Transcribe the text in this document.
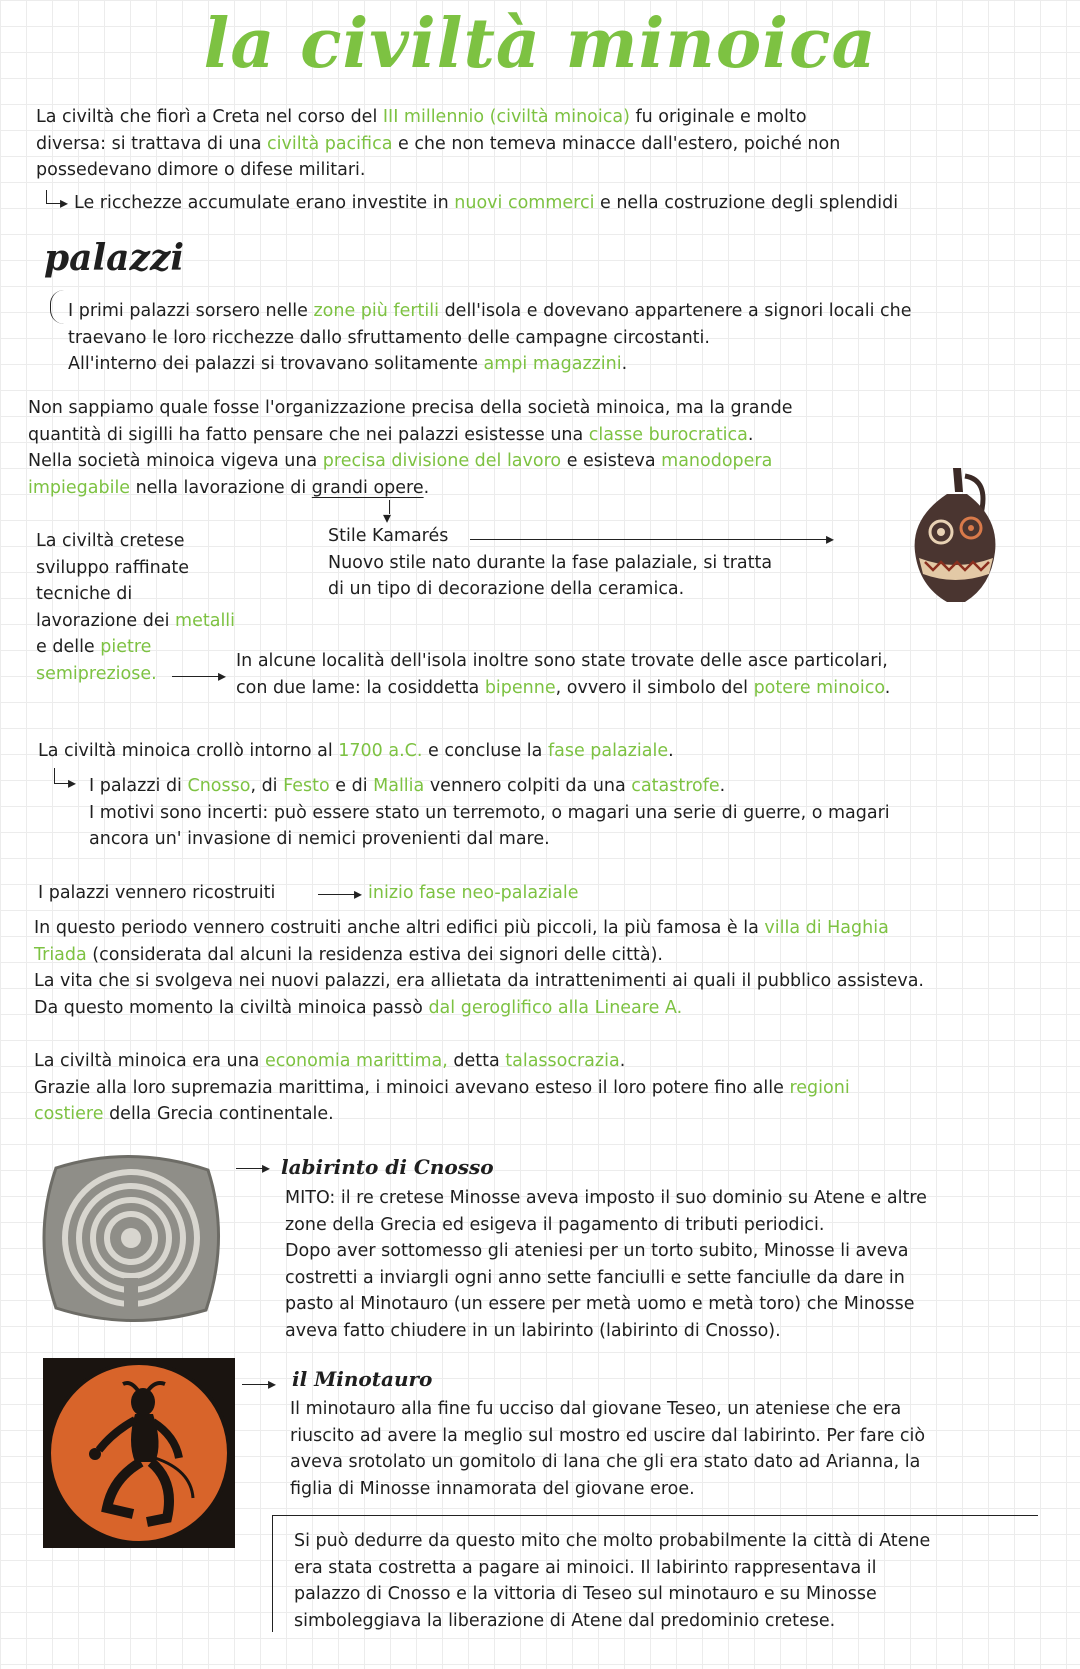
la civiltà minoica

La civiltà che fiorì a Creta nel corso del III millennio (civiltà minoica) fu originale e molto

diversa: si trattava di una civiltà pacifica e che non temeva minacce dall'estero, poiché non

possedevano dimore o difese militari.

▸ Le ricchezze accumulate erano investite in nuovi commerci e nella costruzione degli splendidi

palazzi

I primi palazzi sorsero nelle zone più fertili dell'isola e dovevano appartenere a signori locali che

traevano le loro ricchezze dallo sfruttamento delle campagne circostanti.

All'interno dei palazzi si trovavano solitamente ampi magazzini.

Non sappiamo quale fosse l'organizzazione precisa della società minoica, ma la grande

quantità di sigilli ha fatto pensare che nei palazzi esistesse una classe burocratica.

Nella società minoica vigeva una precisa divisione del lavoro e esisteva manodopera

impiegabile nella lavorazione di grandi opere.

▾

La civiltà cretese

sviluppo raffinate

tecniche di

lavorazione dei metalli

e delle pietre

semipreziose.	▸

Stile Kamarés

Nuovo stile nato durante la fase palaziale, si tratta

di un tipo di decorazione della ceramica.

▸

In alcune località dell'isola inoltre sono state trovate delle asce particolari,

con due lame: la cosiddetta bipenne, ovvero il simbolo del potere minoico.

La civiltà minoica crollò intorno al 1700 a.C. e concluse la fase palaziale.

▸ I palazzi di Cnosso, di Festo e di Mallia vennero colpiti da una catastrofe.

I motivi sono incerti: può essere stato un terremoto, o magari una serie di guerre, o magari

ancora un' invasione di nemici provenienti dal mare.

I palazzi vennero ricostruiti	▸ inizio fase neo-palaziale

In questo periodo vennero costruiti anche altri edifici più piccoli, la più famosa è la villa di Haghia

Triada (considerata dal alcuni la residenza estiva dei signori delle città).

La vita che si svolgeva nei nuovi palazzi, era allietata da intrattenimenti ai quali il pubblico assisteva.

Da questo momento la civiltà minoica passò dal geroglifico alla Lineare A.

La civiltà minoica era una economia marittima, detta talassocrazia.

Grazie alla loro supremazia marittima, i minoici avevano esteso il loro potere fino alle regioni

costiere della Grecia continentale.

▸ labirinto di Cnosso

MITO: il re cretese Minosse aveva imposto il suo dominio su Atene e altre

zone della Grecia ed esigeva il pagamento di tributi periodici.

Dopo aver sottomesso gli ateniesi per un torto subito, Minosse li aveva

costretti a inviargli ogni anno sette fanciulli e sette fanciulle da dare in

pasto al Minotauro (un essere per metà uomo e metà toro) che Minosse

aveva fatto chiudere in un labirinto (labirinto di Cnosso).

▸ il Minotauro

Il minotauro alla fine fu ucciso dal giovane Teseo, un ateniese che era

riuscito ad avere la meglio sul mostro ed uscire dal labirinto. Per fare ciò

aveva srotolato un gomitolo di lana che gli era stato dato ad Arianna, la

figlia di Minosse innamorata del giovane eroe.

Si può dedurre da questo mito che molto probabilmente la città di Atene

era stata costretta a pagare ai minoici. Il labirinto rappresentava il

palazzo di Cnosso e la vittoria di Teseo sul minotauro e su Minosse

simboleggiava la liberazione di Atene dal predominio cretese.
